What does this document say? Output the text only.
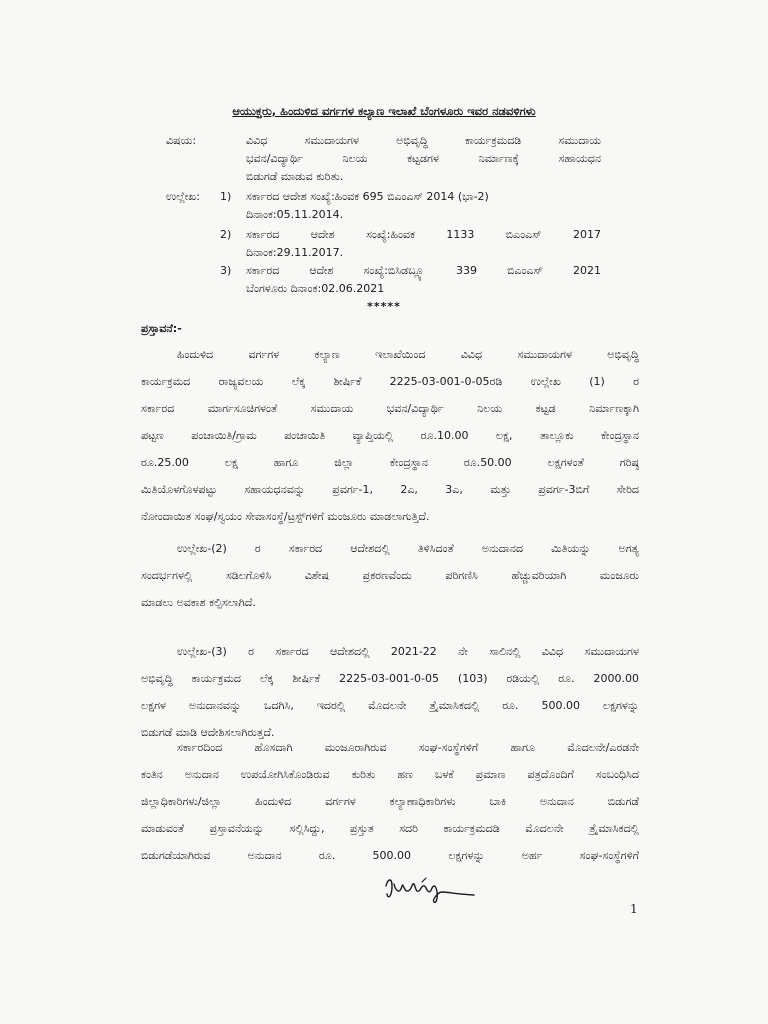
ಆಯುಕ್ತರು, ಹಿಂದುಳಿದ ವರ್ಗಗಳ ಕಲ್ಯಾಣ ಇಲಾಖೆ ಬೆಂಗಳೂರು ಇವರ ನಡವಳಿಗಳು
ವಿಷಯ:	ವಿವಿಧ ಸಮುದಾಯಗಳ ಅಭಿವೃದ್ಧಿ ಕಾರ್ಯಕ್ರಮದಡಿ ಸಮುದಾಯ
ಭವನ/ವಿದ್ಯಾರ್ಥಿ ನಿಲಯ ಕಟ್ಟಡಗಳ ನಿರ್ಮಾಣಕ್ಕೆ ಸಹಾಯಧನ
ಬಿಡುಗಡೆ ಮಾಡುವ ಕುರಿತು.
ಉಲ್ಲೇಖ: 1) ಸರ್ಕಾರದ ಆದೇಶ ಸಂಖ್ಯೆ:ಹಿಂವಕ 695 ಬಿಎಂಎಸ್ 2014 (ಭಾ-2)
ದಿನಾಂಕ:05.11.2014.
2) ಸರ್ಕಾರದ ಆದೇಶ ಸಂಖ್ಯೆ:ಹಿಂವಕ 1133 ಬಿಎಂಎಸ್ 2017
ದಿನಾಂಕ:29.11.2017.
3) ಸರ್ಕಾರದ ಆದೇಶ ಸಂಖ್ಯೆ:ಬಿಸಿಡಬ್ಲ್ಯೂ 339 ಬಿಎಂಎಸ್ 2021
ಬೆಂಗಳೂರು ದಿನಾಂಕ:02.06.2021
*****
ಪ್ರಸ್ತಾವನೆ:-
ಹಿಂದುಳಿದ ವರ್ಗಗಳ ಕಲ್ಯಾಣ ಇಲಾಖೆಯಿಂದ ವಿವಿಧ ಸಮುದಾಯಗಳ ಅಭಿವೃದ್ಧಿ
ಕಾರ್ಯಕ್ರಮದ ರಾಜ್ಯವಲಯ ಲೆಕ್ಕ ಶೀರ್ಷಿಕೆ 2225-03-001-0-05ರಡಿ ಉಲ್ಲೇಖ (1) ರ
ಸರ್ಕಾರದ ಮಾರ್ಗಸೂಚಿಗಳಂತೆ ಸಮುದಾಯ ಭವನ/ವಿದ್ಯಾರ್ಥಿ ನಿಲಯ ಕಟ್ಟಡ ನಿರ್ಮಾಣಕ್ಕಾಗಿ
ಪಟ್ಟಣ ಪಂಚಾಯಿತಿ/ಗ್ರಾಮ ಪಂಚಾಯಿತಿ ವ್ಯಾಪ್ತಿಯಲ್ಲಿ ರೂ.10.00 ಲಕ್ಷ, ತಾಲ್ಲೂಕು ಕೇಂದ್ರಸ್ಥಾನ
ರೂ.25.00 ಲಕ್ಷ ಹಾಗೂ ಜಿಲ್ಲಾ ಕೇಂದ್ರಸ್ಥಾನ ರೂ.50.00 ಲಕ್ಷಗಳಂತೆ ಗರಿಷ್ಠ
ಮಿತಿಯೊಳಗೊಳಪಟ್ಟು ಸಹಾಯಧನವನ್ನು ಪ್ರವರ್ಗ-1, 2ಎ, 3ಎ, ಮತ್ತು ಪ್ರವರ್ಗ-3ಬಿಗೆ ಸೇರಿದ
ನೋಂದಾಯಿತ ಸಂಘ/ಸ್ವಯಂ ಸೇವಾಸಂಸ್ಥೆ/ಟ್ರಸ್ಟ್‌ಗಳಿಗೆ ಮಂಜೂರು ಮಾಡಲಾಗುತ್ತಿದೆ.
ಉಲ್ಲೇಖ-(2) ರ ಸರ್ಕಾರದ ಆದೇಶದಲ್ಲಿ ತಿಳಿಸಿದಂತೆ ಅನುದಾನದ ಮಿತಿಯನ್ನು ಅಗತ್ಯ
ಸಂದರ್ಭಗಳಲ್ಲಿ ಸಡಿಲಗೊಳಿಸಿ ವಿಶೇಷ ಪ್ರಕರಣವೆಂದು ಪರಿಗಣಿಸಿ ಹೆಚ್ಚುವರಿಯಾಗಿ ಮಂಜೂರು
ಮಾಡಲು ಅವಕಾಶ ಕಲ್ಪಿಸಲಾಗಿದೆ.
ಉಲ್ಲೇಖ-(3) ರ ಸರ್ಕಾರದ ಆದೇಶದಲ್ಲಿ 2021-22 ನೇ ಸಾಲಿನಲ್ಲಿ ವಿವಿಧ ಸಮುದಾಯಗಳ
ಅಭಿವೃದ್ಧಿ ಕಾರ್ಯಕ್ರಮದ ಲೆಕ್ಕ ಶೀರ್ಷಿಕೆ 2225-03-001-0-05 (103) ರಡಿಯಲ್ಲಿ ರೂ. 2000.00
ಲಕ್ಷಗಳ ಅನುದಾನವನ್ನು ಒದಗಿಸಿ, ಇದರಲ್ಲಿ ಮೊದಲನೇ ತ್ರೈಮಾಸಿಕದಲ್ಲಿ ರೂ. 500.00 ಲಕ್ಷಗಳನ್ನು
ಬಿಡುಗಡೆ ಮಾಡಿ ಆದೇಶಿಸಲಾಗಿರುತ್ತದೆ.
ಸರ್ಕಾರದಿಂದ ಹೊಸದಾಗಿ ಮಂಜೂರಾಗಿರುವ ಸಂಘ-ಸಂಸ್ಥೆಗಳಿಗೆ ಹಾಗೂ ಮೊದಲನೇ/ಎರಡನೇ
ಕಂತಿನ ಅನುದಾನ ಉಪಯೋಗಿಸಿಕೊಂಡಿರುವ ಕುರಿತು ಹಣ ಬಳಕೆ ಪ್ರಮಾಣ ಪತ್ರದೊಂದಿಗೆ ಸಂಬಂಧಿಸಿದ
ಜಿಲ್ಲಾಧಿಕಾರಿಗಳು/ಜಿಲ್ಲಾ ಹಿಂದುಳಿದ ವರ್ಗಗಳ ಕಲ್ಯಾಣಾಧಿಕಾರಿಗಳು ಬಾಕಿ ಅನುದಾನ ಬಿಡುಗಡೆ
ಮಾಡುವಂತೆ ಪ್ರಸ್ತಾವನೆಯನ್ನು ಸಲ್ಲಿಸಿದ್ದು, ಪ್ರಸ್ತುತ ಸದರಿ ಕಾರ್ಯಕ್ರಮದಡಿ ಮೊದಲನೇ ತ್ರೈಮಾಸಿಕದಲ್ಲಿ
ಬಿಡುಗಡೆಯಾಗಿರುವ ಅನುದಾನ ರೂ. 500.00 ಲಕ್ಷಗಳನ್ನು ಅರ್ಹ ಸಂಘ-ಸಂಸ್ಥೆಗಳಿಗೆ
1
